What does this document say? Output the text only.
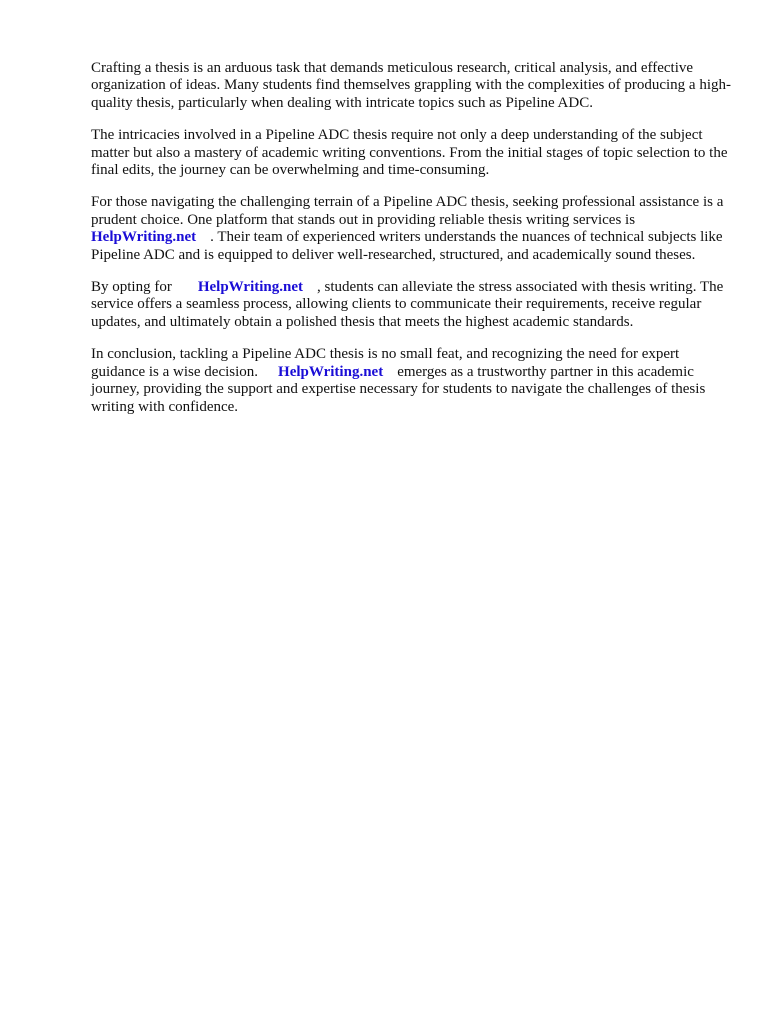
Crafting a thesis is an arduous task that demands meticulous research, critical analysis, and effective organization of ideas. Many students find themselves grappling with the complexities of producing a high-quality thesis, particularly when dealing with intricate topics such as Pipeline ADC.

The intricacies involved in a Pipeline ADC thesis require not only a deep understanding of the subject matter but also a mastery of academic writing conventions. From the initial stages of topic selection to the final edits, the journey can be overwhelming and time-consuming.

For those navigating the challenging terrain of a Pipeline ADC thesis, seeking professional assistance is a prudent choice. One platform that stands out in providing reliable thesis writing services is
HelpWriting.net . Their team of experienced writers understands the nuances of technical subjects like Pipeline ADC and is equipped to deliver well-researched, structured, and academically sound theses.

By opting for HelpWriting.net , students can alleviate the stress associated with thesis writing. The service offers a seamless process, allowing clients to communicate their requirements, receive regular updates, and ultimately obtain a polished thesis that meets the highest academic standards.

In conclusion, tackling a Pipeline ADC thesis is no small feat, and recognizing the need for expert guidance is a wise decision. HelpWriting.net emerges as a trustworthy partner in this academic journey, providing the support and expertise necessary for students to navigate the challenges of thesis writing with confidence.
